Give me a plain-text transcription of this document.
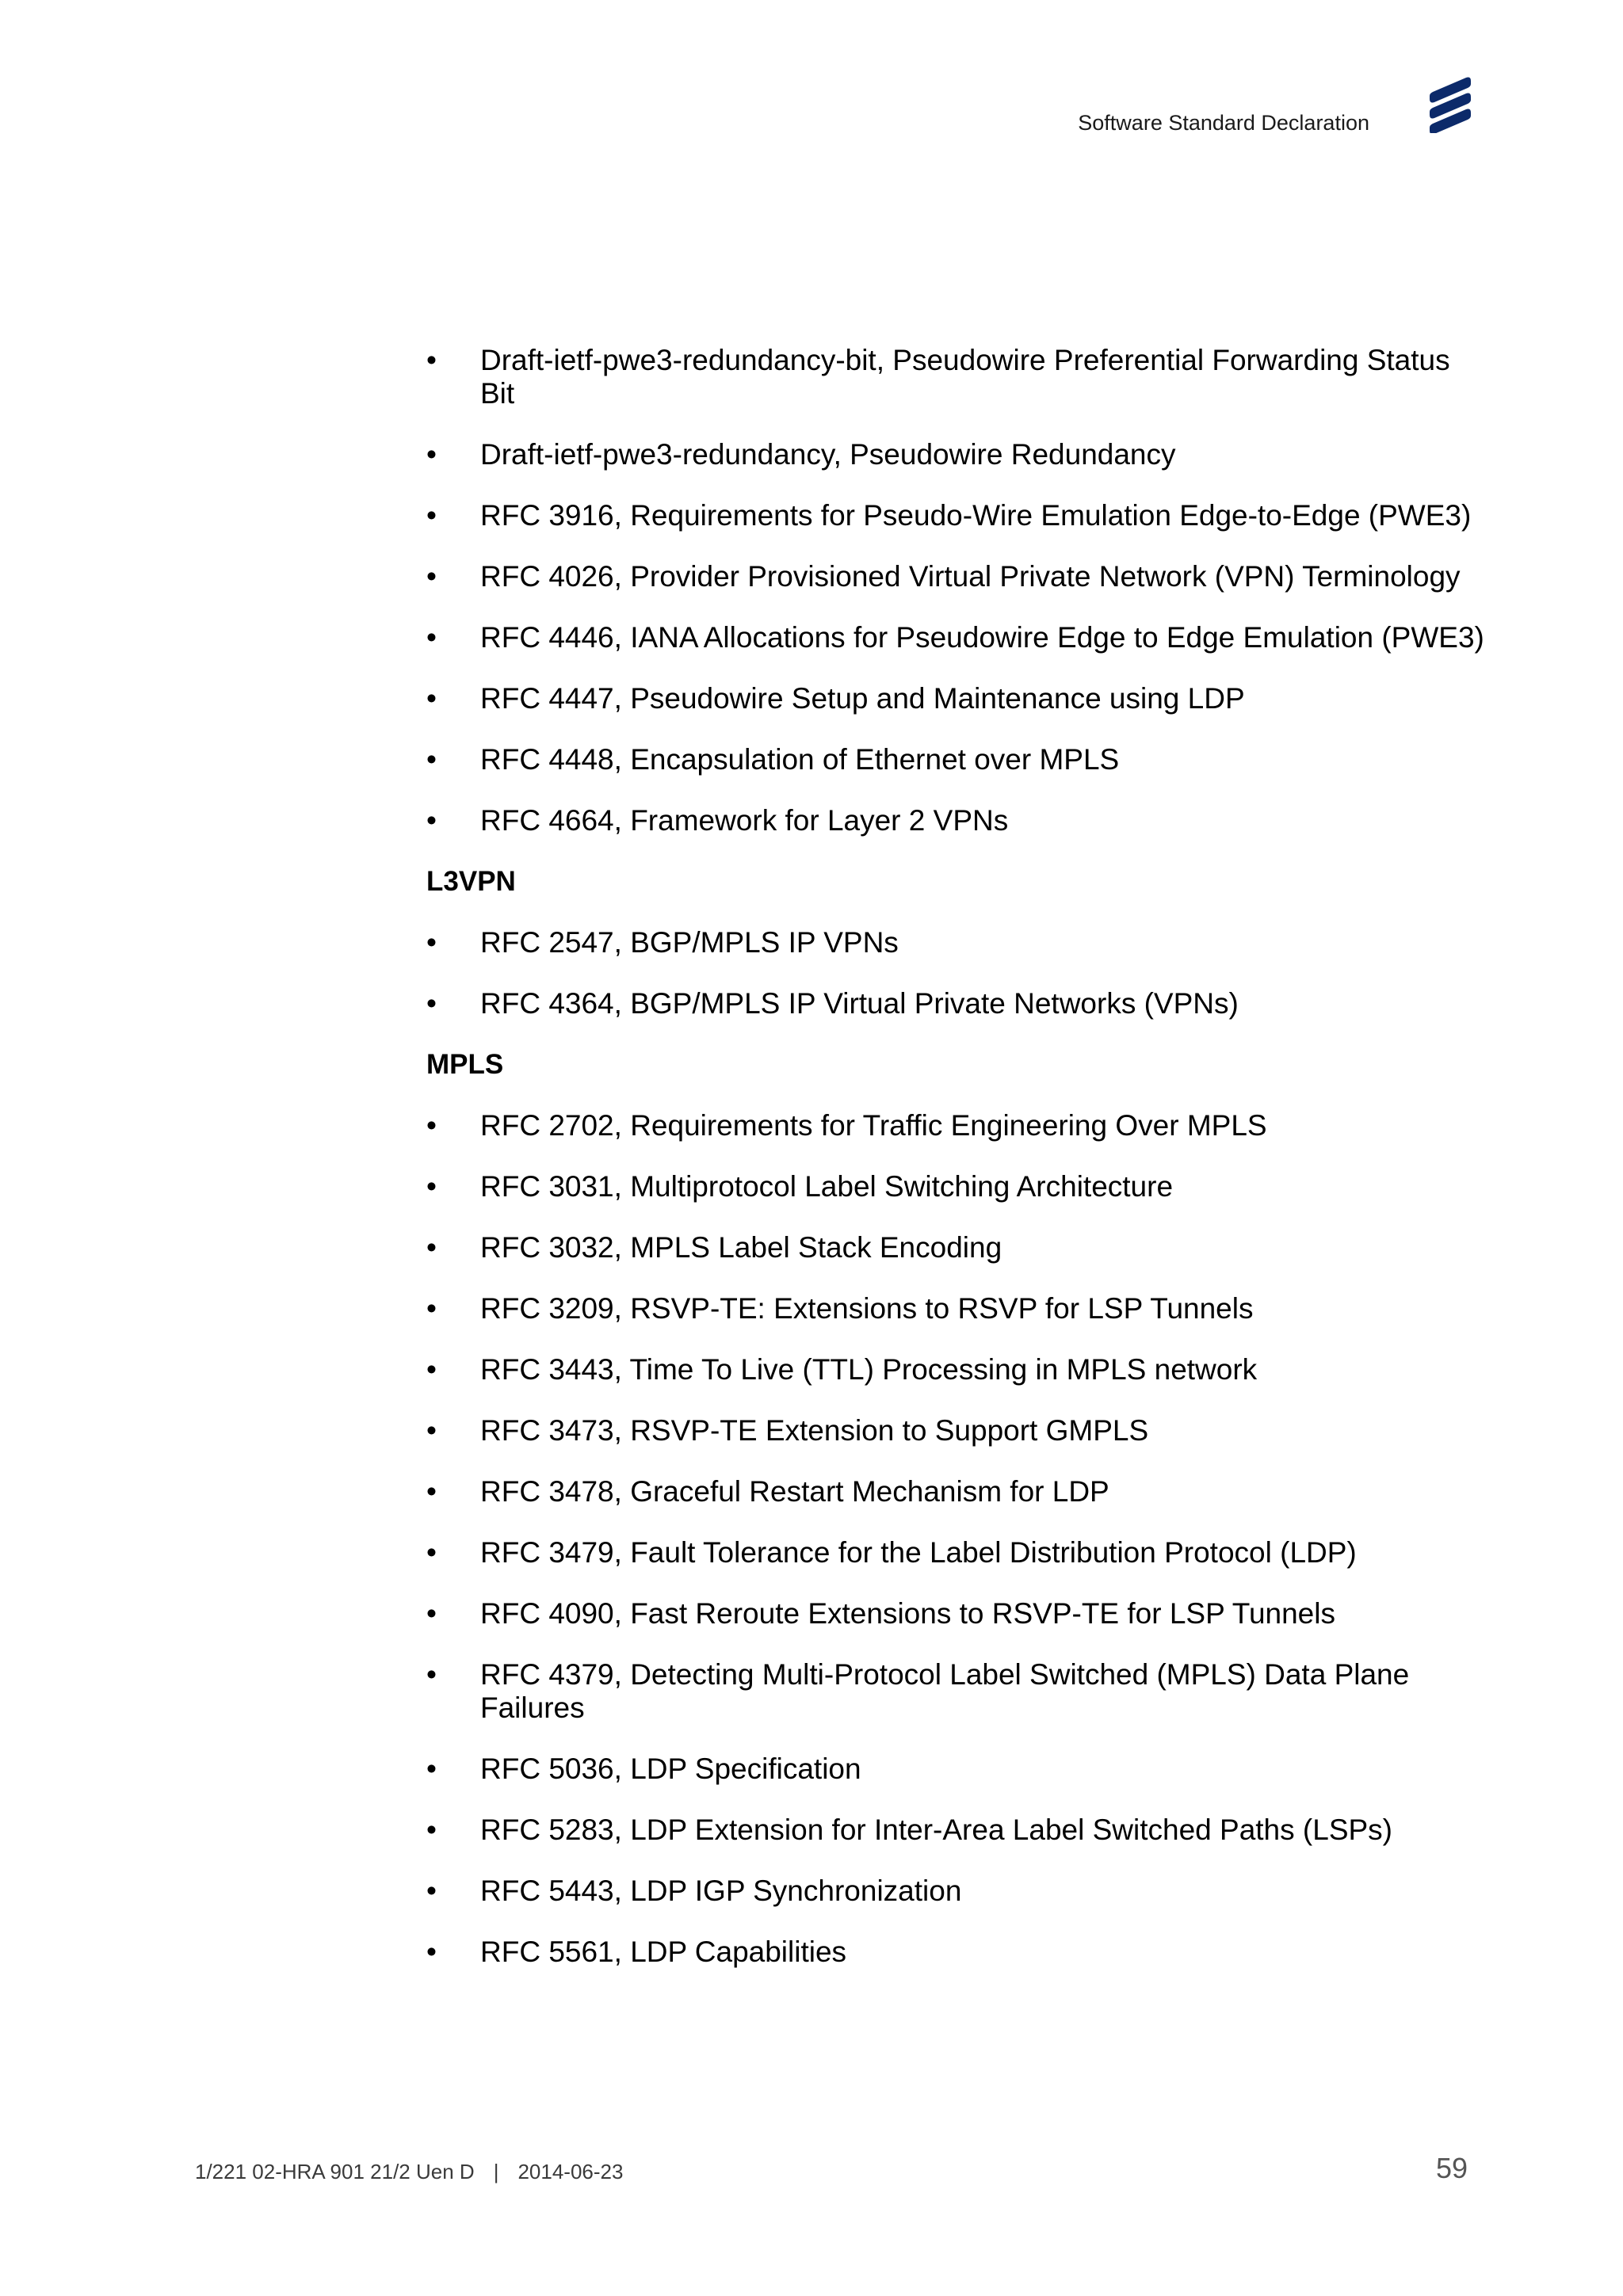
Software Standard Declaration
• Draft-ietf-pwe3-redundancy-bit, Pseudowire Preferential Forwarding Status Bit
• Draft-ietf-pwe3-redundancy, Pseudowire Redundancy
• RFC 3916, Requirements for Pseudo-Wire Emulation Edge-to-Edge (PWE3)
• RFC 4026, Provider Provisioned Virtual Private Network (VPN) Terminology
• RFC 4446, IANA Allocations for Pseudowire Edge to Edge Emulation (PWE3)
• RFC 4447, Pseudowire Setup and Maintenance using LDP
• RFC 4448, Encapsulation of Ethernet over MPLS
• RFC 4664, Framework for Layer 2 VPNs
L3VPN
• RFC 2547, BGP/MPLS IP VPNs
• RFC 4364, BGP/MPLS IP Virtual Private Networks (VPNs)
MPLS
• RFC 2702, Requirements for Traffic Engineering Over MPLS
• RFC 3031, Multiprotocol Label Switching Architecture
• RFC 3032, MPLS Label Stack Encoding
• RFC 3209, RSVP-TE: Extensions to RSVP for LSP Tunnels
• RFC 3443, Time To Live (TTL) Processing in MPLS network
• RFC 3473, RSVP-TE Extension to Support GMPLS
• RFC 3478, Graceful Restart Mechanism for LDP
• RFC 3479, Fault Tolerance for the Label Distribution Protocol (LDP)
• RFC 4090, Fast Reroute Extensions to RSVP-TE for LSP Tunnels
• RFC 4379, Detecting Multi-Protocol Label Switched (MPLS) Data Plane Failures
• RFC 5036, LDP Specification
• RFC 5283, LDP Extension for Inter-Area Label Switched Paths (LSPs)
• RFC 5443, LDP IGP Synchronization
• RFC 5561, LDP Capabilities
1/221 02-HRA 901 21/2 Uen D | 2014-06-23	59
